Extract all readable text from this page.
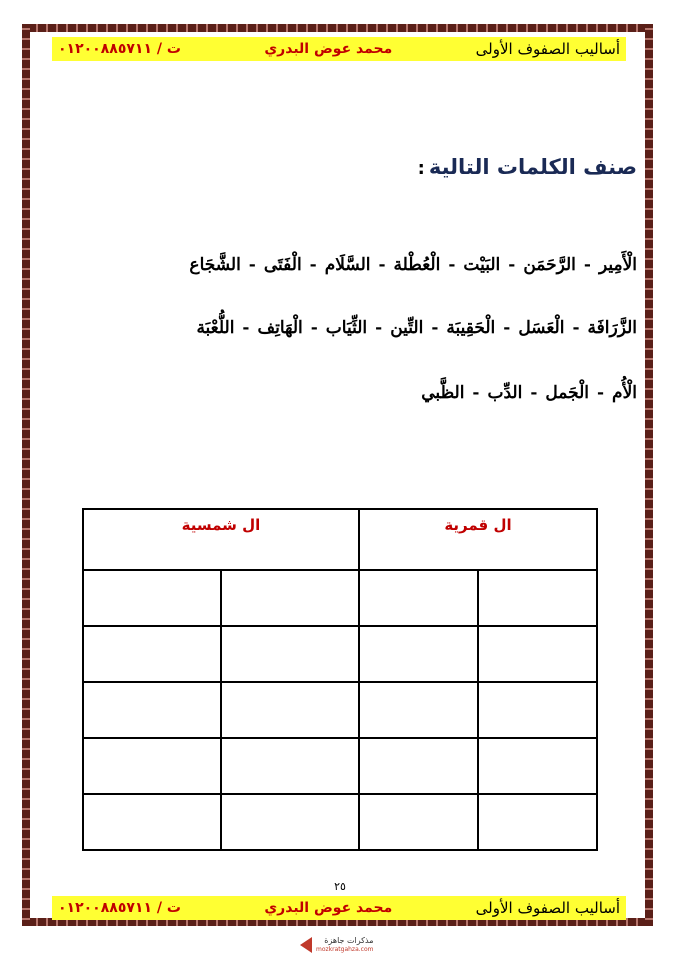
أساليب الصفوف الأولى
محمد عوض البدري
ت / ٠١٢٠٠٨٨٥٧١١
صنف الكلمات التالية:
الْأَمِير-الرَّحَمَن-البَيْت-الْعُطْلة-السَّلَام-الْفَتَى-الشَّجَاع
الزَّرَافَة-الْعَسَل-الْحَقِيبَة-التِّين-الثِّيَاب-الْهَاتِف-اللُّعْبَة
الْأُم-الْجَمل-الدِّب-الظَّبي
ال قمرية		ال شمسية	

٢٥
أساليب الصفوف الأولى
محمد عوض البدري
ت / ٠١٢٠٠٨٨٥٧١١
مذكرات جاهزة
mozkratgahza.com
